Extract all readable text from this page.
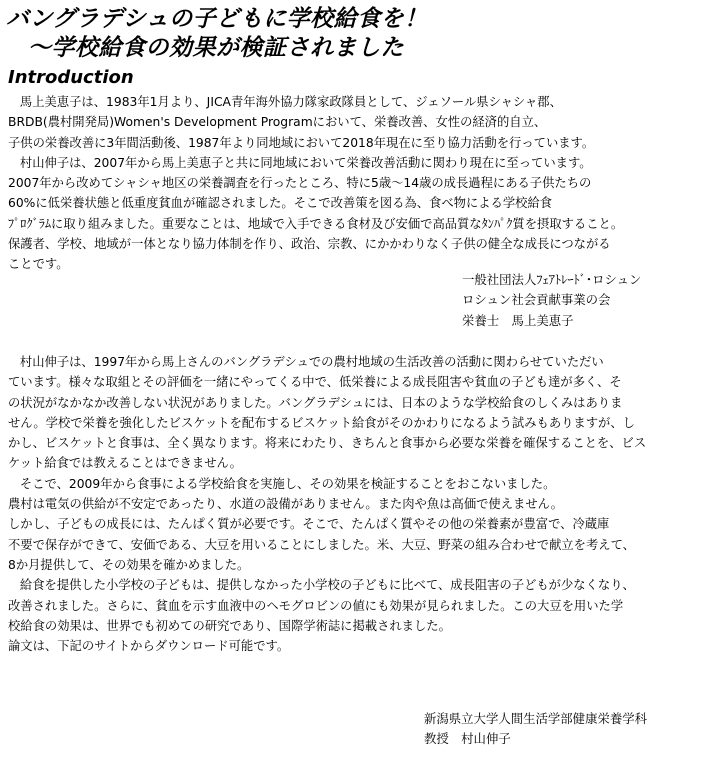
バングラデシュの子どもに学校給食を！
～学校給食の効果が検証されました
Introduction
馬上美恵子は、1983年1月より、JICA青年海外協力隊家政隊員として、ジェソール県シャシャ郡、
BRDB(農村開発局)Women's Development Programにおいて、栄養改善、女性の経済的自立、
子供の栄養改善に3年間活動後、1987年より同地域において2018年現在に至り協力活動を行っています。
村山伸子は、2007年から馬上美恵子と共に同地域において栄養改善活動に関わり現在に至っています。
2007年から改めてシャシャ地区の栄養調査を行ったところ、特に5歳～14歳の成長過程にある子供たちの
60%に低栄養状態と低重度貧血が確認されました。そこで改善策を図る為、食べ物による学校給食
ﾌﾟﾛｸﾞﾗﾑに取り組みました。重要なことは、地域で入手できる食材及び安価で高品質なﾀﾝﾊﾟｸ質を摂取すること。
保護者、学校、地域が一体となり協力体制を作り、政治、宗教、にかかわりなく子供の健全な成長につながる
ことです。
一般社団法人ﾌｪｱﾄﾚｰﾄﾞ･ロシュン
ロシュン社会貢献事業の会
栄養士　馬上美恵子
村山伸子は、1997年から馬上さんのバングラデシュでの農村地域の生活改善の活動に関わらせていただい
ています。様々な取組とその評価を一緒にやってくる中で、低栄養による成長阻害や貧血の子ども達が多く、そ
の状況がなかなか改善しない状況がありました。バングラデシュには、日本のような学校給食のしくみはありま
せん。学校で栄養を強化したビスケットを配布するビスケット給食がそのかわりになるよう試みもありますが、し
かし、ビスケットと食事は、全く異なります。将来にわたり、きちんと食事から必要な栄養を確保することを、ビス
ケット給食では教えることはできません。
そこで、2009年から食事による学校給食を実施し、その効果を検証することをおこないました。
農村は電気の供給が不安定であったり、水道の設備がありません。また肉や魚は高価で使えません。
しかし、子どもの成長には、たんぱく質が必要です。そこで、たんぱく質やその他の栄養素が豊富で、冷蔵庫
不要で保存ができて、安価である、大豆を用いることにしました。米、大豆、野菜の組み合わせで献立を考えて、
8か月提供して、その効果を確かめました。
給食を提供した小学校の子どもは、提供しなかった小学校の子どもに比べて、成長阻害の子どもが少なくなり、
改善されました。さらに、貧血を示す血液中のヘモグロビンの値にも効果が見られました。この大豆を用いた学
校給食の効果は、世界でも初めての研究であり、国際学術誌に掲載されました。
論文は、下記のサイトからダウンロード可能です。
新潟県立大学人間生活学部健康栄養学科
教授　村山伸子
